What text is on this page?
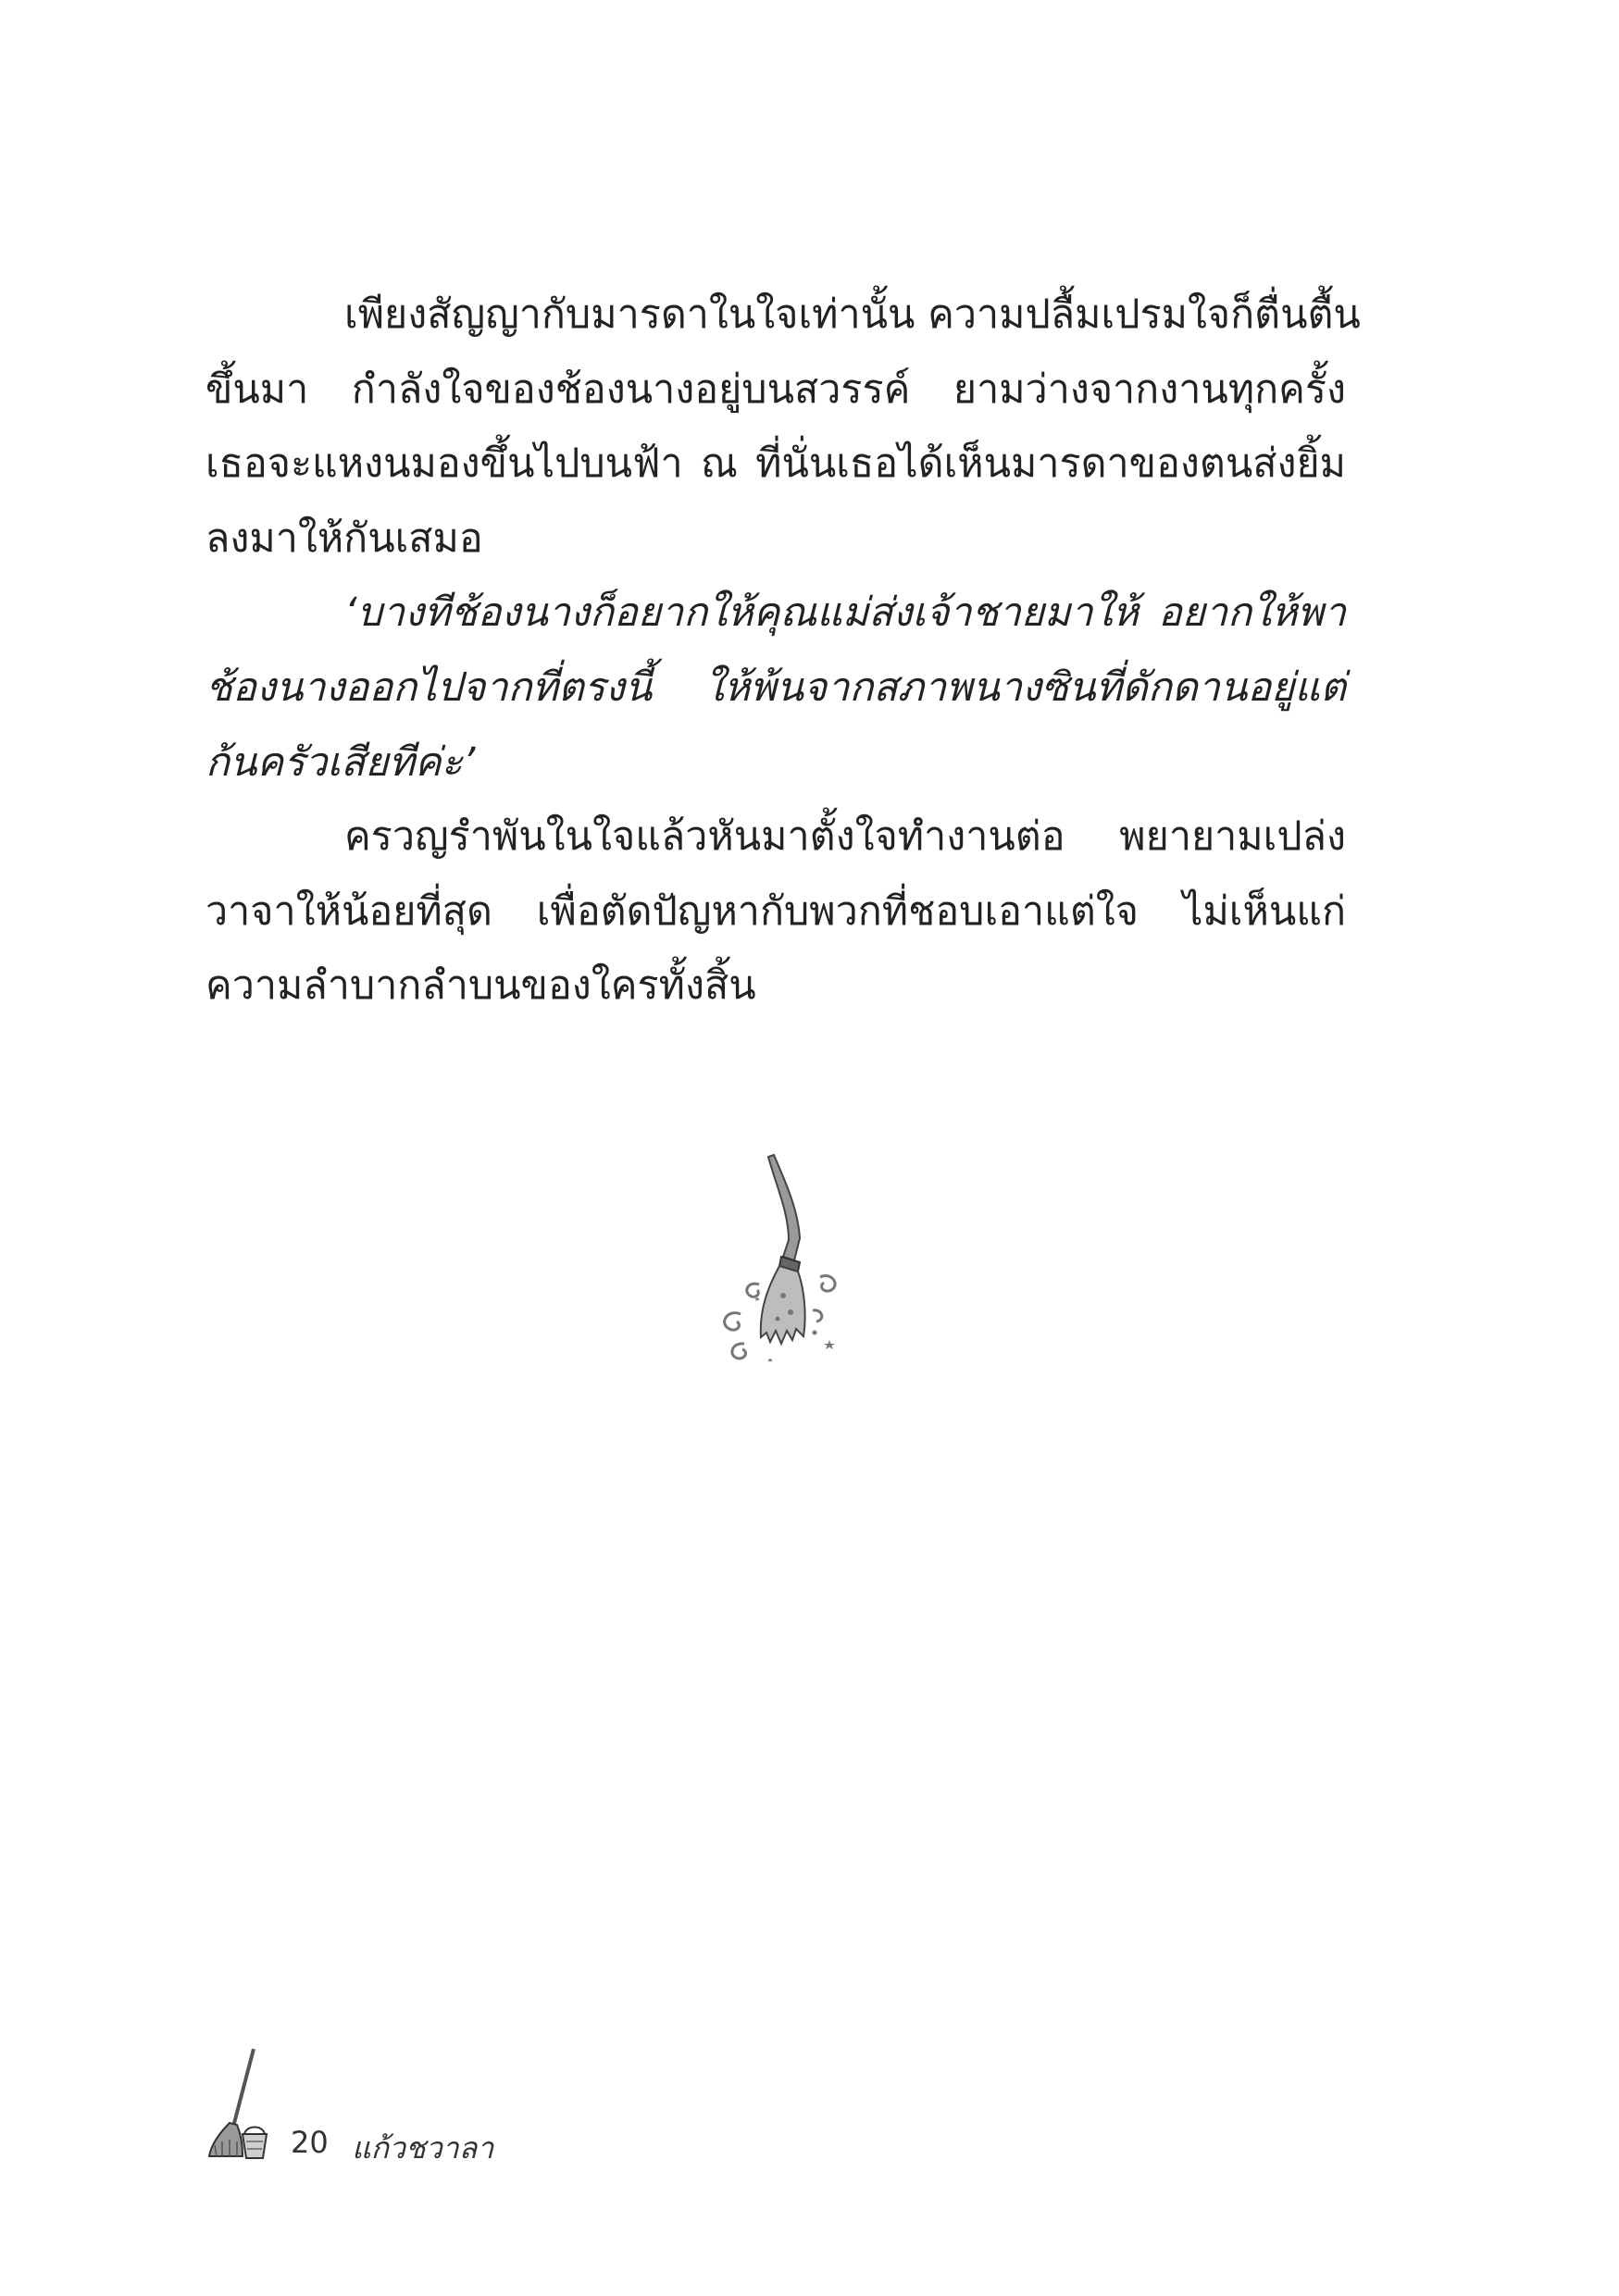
เพียงสัญญากับมารดาในใจเท่านั้น ความปลื้มเปรมใจก็ตื่นตื้น
ขึ้นมา กำลังใจของช้องนางอยู่บนสวรรค์ ยามว่างจากงานทุกครั้ง
เธอจะแหงนมองขึ้นไปบนฟ้า ณ ที่นั่นเธอได้เห็นมารดาของตนส่งยิ้ม
ลงมาให้กันเสมอ
‘บางทีช้องนางก็อยากให้คุณแม่ส่งเจ้าชายมาให้ อยากให้พา
ช้องนางออกไปจากที่ตรงนี้ ให้พ้นจากสภาพนางซินที่ดักดานอยู่แต่
ก้นครัวเสียทีค่ะ’
ครวญรำพันในใจแล้วหันมาตั้งใจทำงานต่อ พยายามเปล่ง
วาจาให้น้อยที่สุด เพื่อตัดปัญหากับพวกที่ชอบเอาแต่ใจ ไม่เห็นแก่
ความลำบากลำบนของใครทั้งสิ้น
20 แก้วชวาลา
